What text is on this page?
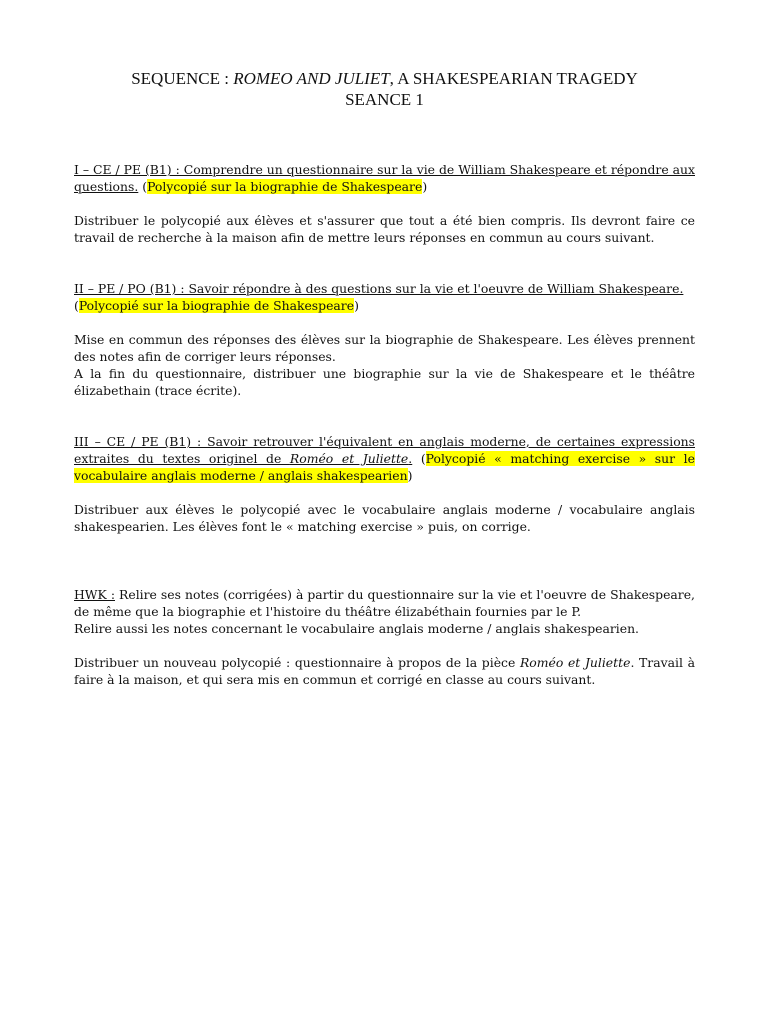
SEQUENCE : ROMEO AND JULIET, A SHAKESPEARIAN TRAGEDY
SEANCE 1

I – CE / PE (B1) : Comprendre un questionnaire sur la vie de William Shakespeare et répondre aux questions. (Polycopié sur la biographie de Shakespeare)

Distribuer le polycopié aux élèves et s'assurer que tout a été bien compris. Ils devront faire ce travail de recherche à la maison afin de mettre leurs réponses en commun au cours suivant.

II – PE / PO (B1) : Savoir répondre à des questions sur la vie et l'oeuvre de William Shakespeare.
(Polycopié sur la biographie de Shakespeare)

Mise en commun des réponses des élèves sur la biographie de Shakespeare. Les élèves prennent des notes afin de corriger leurs réponses.

A la fin du questionnaire, distribuer une biographie sur la vie de Shakespeare et le théâtre élizabethain (trace écrite).

III – CE / PE (B1) : Savoir retrouver l'équivalent en anglais moderne, de certaines expressions extraites du textes originel de Roméo et Juliette. (Polycopié « matching exercise » sur le vocabulaire anglais moderne / anglais shakespearien)

Distribuer aux élèves le polycopié avec le vocabulaire anglais moderne / vocabulaire anglais shakespearien. Les élèves font le « matching exercise » puis, on corrige.

HWK : Relire ses notes (corrigées) à partir du questionnaire sur la vie et l'oeuvre de Shakespeare, de même que la biographie et l'histoire du théâtre élizabéthain fournies par le P.
Relire aussi les notes concernant le vocabulaire anglais moderne / anglais shakespearien.

Distribuer un nouveau polycopié : questionnaire à propos de la pièce Roméo et Juliette. Travail à faire à la maison, et qui sera mis en commun et corrigé en classe au cours suivant.
